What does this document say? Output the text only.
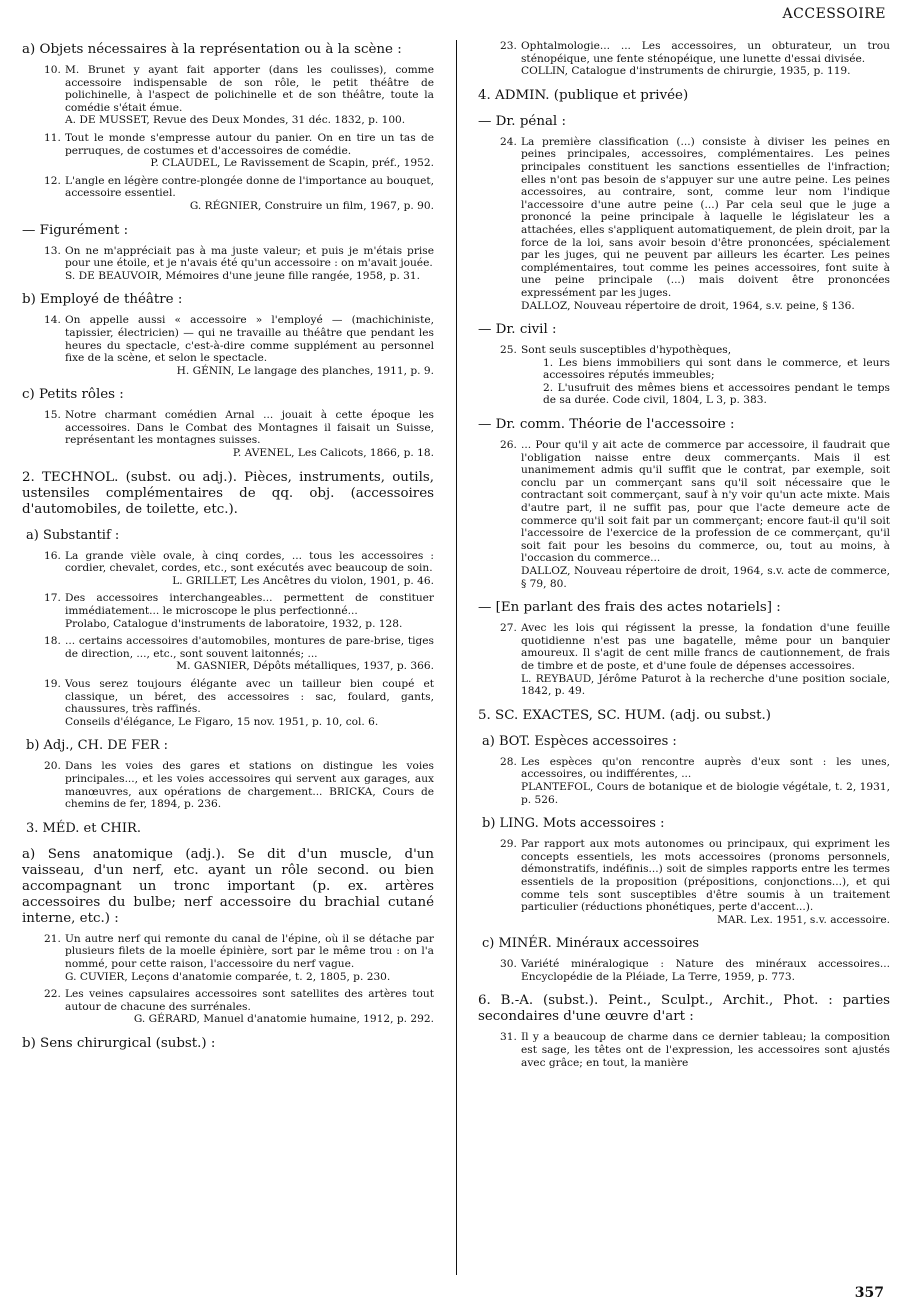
ACCESSOIRE
a) Objets nécessaires à la représentation ou à la scène :
10. M. Brunet y ayant fait apporter (dans les coulisses), comme accessoire indispensable de son rôle, le petit théâtre de polichinelle, à l'aspect de polichinelle et de son théâtre, toute la comédie s'était émue.
A. DE MUSSET, Revue des Deux Mondes, 31 déc. 1832, p. 100.
11. Tout le monde s'empresse autour du panier. On en tire un tas de perruques, de costumes et d'accessoires de comédie.
P. CLAUDEL, Le Ravissement de Scapin, préf., 1952.
12. L'angle en légère contre-plongée donne de l'importance au bouquet, accessoire essentiel.
G. RÉGNIER, Construire un film, 1967, p. 90.
— Figurément :
13. On ne m'appréciait pas à ma juste valeur; et puis je m'étais prise pour une étoile, et je n'avais été qu'un accessoire : on m'avait jouée.
S. DE BEAUVOIR, Mémoires d'une jeune fille rangée, 1958, p. 31.
b) Employé de théâtre :
14. On appelle aussi « accessoire » l'employé — (machichiniste, tapissier, électricien) — qui ne travaille au théâtre que pendant les heures du spectacle, c'est-à-dire comme supplément au personnel fixe de la scène, et selon le spectacle.
H. GÉNIN, Le langage des planches, 1911, p. 9.
c) Petits rôles :
15. Notre charmant comédien Arnal ... jouait à cette époque les accessoires. Dans le Combat des Montagnes il faisait un Suisse, représentant les montagnes suisses.
P. AVENEL, Les Calicots, 1866, p. 18.
2. TECHNOL. (subst. ou adj.). Pièces, instruments, outils, ustensiles complémentaires de qq. obj. (accessoires d'automobiles, de toilette, etc.).
a) Substantif :
16. La grande vièle ovale, à cinq cordes, ... tous les accessoires : cordier, chevalet, cordes, etc., sont exécutés avec beaucoup de soin.
L. GRILLET, Les Ancêtres du violon, 1901, p. 46.
17. Des accessoires interchangeables... permettent de constituer immédiatement... le microscope le plus perfectionné...
Prolabo, Catalogue d'instruments de laboratoire, 1932, p. 128.
18. ... certains accessoires d'automobiles, montures de pare-brise, tiges de direction, ..., etc., sont souvent laitonnés; ...
M. GASNIER, Dépôts métalliques, 1937, p. 366.
19. Vous serez toujours élégante avec un tailleur bien coupé et classique, un béret, des accessoires : sac, foulard, gants, chaussures, très raffinés.
Conseils d'élégance, Le Figaro, 15 nov. 1951, p. 10, col. 6.
b) Adj., CH. DE FER :
20. Dans les voies des gares et stations on distingue les voies principales..., et les voies accessoires qui servent aux garages, aux manœuvres, aux opérations de chargement... BRICKA, Cours de chemins de fer, 1894, p. 236.
3. MÉD. et CHIR.
a) Sens anatomique (adj.). Se dit d'un muscle, d'un vaisseau, d'un nerf, etc. ayant un rôle second. ou bien accompagnant un tronc important (p. ex. artères accessoires du bulbe; nerf accessoire du brachial cutané interne, etc.) :
21. Un autre nerf qui remonte du canal de l'épine, où il se détache par plusieurs filets de la moelle épinière, sort par le même trou : on l'a nommé, pour cette raison, l'accessoire du nerf vague.
G. CUVIER, Leçons d'anatomie comparée, t. 2, 1805, p. 230.
22. Les veines capsulaires accessoires sont satellites des artères tout autour de chacune des surrénales.
G. GÉRARD, Manuel d'anatomie humaine, 1912, p. 292.
b) Sens chirurgical (subst.) :
23. Ophtalmologie... ... Les accessoires, un obturateur, un trou sténopéique, une fente sténopéique, une lunette d'essai divisée.
COLLIN, Catalogue d'instruments de chirurgie, 1935, p. 119.
4. ADMIN. (publique et privée)
— Dr. pénal :
24. La première classification (...) consiste à diviser les peines en peines principales, accessoires, complémentaires. Les peines principales constituent les sanctions essentielles de l'infraction; elles n'ont pas besoin de s'appuyer sur une autre peine. Les peines accessoires, au contraire, sont, comme leur nom l'indique l'accessoire d'une autre peine (...) Par cela seul que le juge a prononcé la peine principale à laquelle le législateur les a attachées, elles s'appliquent automatiquement, de plein droit, par la force de la loi, sans avoir besoin d'être prononcées, spécialement par les juges, qui ne peuvent par ailleurs les écarter. Les peines complémentaires, tout comme les peines accessoires, font suite à une peine principale (...) mais doivent être prononcées expressément par les juges.
DALLOZ, Nouveau répertoire de droit, 1964, s.v. peine, § 136.
— Dr. civil :
25. Sont seuls susceptibles d'hypothèques,
1. Les biens immobiliers qui sont dans le commerce, et leurs accessoires réputés immeubles;
2. L'usufruit des mêmes biens et accessoires pendant le temps de sa durée. Code civil, 1804, L 3, p. 383.
— Dr. comm. Théorie de l'accessoire :
26. ... Pour qu'il y ait acte de commerce par accessoire, il faudrait que l'obligation naisse entre deux commerçants. Mais il est unanimement admis qu'il suffit que le contrat, par exemple, soit conclu par un commerçant sans qu'il soit nécessaire que le contractant soit commerçant, sauf à n'y voir qu'un acte mixte. Mais d'autre part, il ne suffit pas, pour que l'acte demeure acte de commerce qu'il soit fait par un commerçant; encore faut-il qu'il soit l'accessoire de l'exercice de la profession de ce commerçant, qu'il soit fait pour les besoins du commerce, ou, tout au moins, à l'occasion du commerce...
DALLOZ, Nouveau répertoire de droit, 1964, s.v. acte de commerce, § 79, 80.
— [En parlant des frais des actes notariels] :
27. Avec les lois qui régissent la presse, la fondation d'une feuille quotidienne n'est pas une bagatelle, même pour un banquier amoureux. Il s'agit de cent mille francs de cautionnement, de frais de timbre et de poste, et d'une foule de dépenses accessoires.
L. REYBAUD, Jérôme Paturot à la recherche d'une position sociale, 1842, p. 49.
5. SC. EXACTES, SC. HUM. (adj. ou subst.)
a) BOT. Espèces accessoires :
28. Les espèces qu'on rencontre auprès d'eux sont : les unes, accessoires, ou indifférentes, ...
PLANTEFOL, Cours de botanique et de biologie végétale, t. 2, 1931, p. 526.
b) LING. Mots accessoires :
29. Par rapport aux mots autonomes ou principaux, qui expriment les concepts essentiels, les mots accessoires (pronoms personnels, démonstratifs, indéfinis...) soit de simples rapports entre les termes essentiels de la proposition (prépositions, conjonctions...), et qui comme tels sont susceptibles d'être soumis à un traitement particulier (réductions phonétiques, perte d'accent...).
MAR. Lex. 1951, s.v. accessoire.
c) MINÉR. Minéraux accessoires
30. Variété minéralogique : Nature des minéraux accessoires... Encyclopédie de la Pléiade, La Terre, 1959, p. 773.
6. B.-A. (subst.). Peint., Sculpt., Archit., Phot. : parties secondaires d'une œuvre d'art :
31. Il y a beaucoup de charme dans ce dernier tableau; la composition est sage, les têtes ont de l'expression, les accessoires sont ajustés avec grâce; en tout, la manière
357
